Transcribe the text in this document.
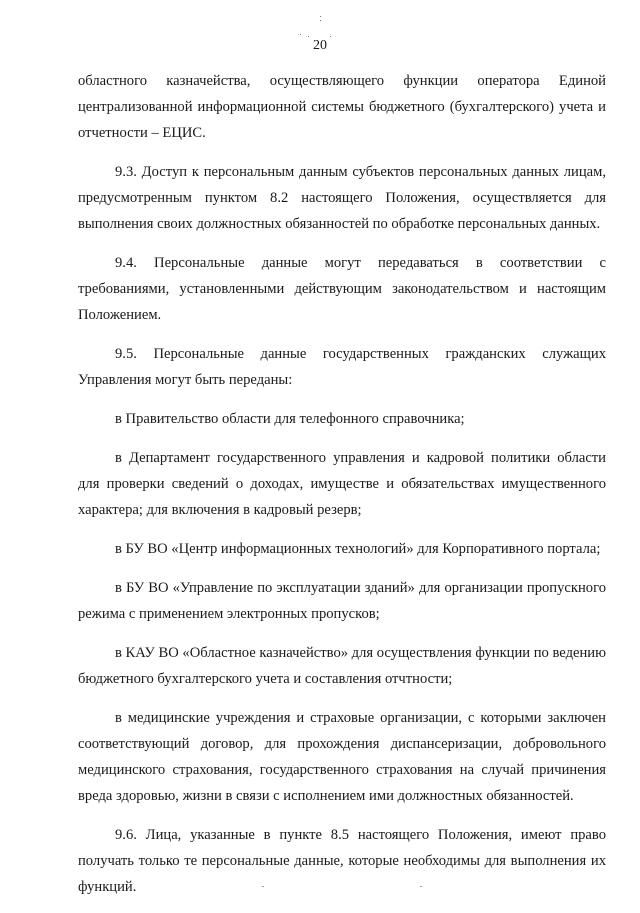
20

областного казначейства, осуществляющего функции оператора Единой централизованной информационной системы бюджетного (бухгалтерского) учета и отчетности – ЕЦИС.

9.3. Доступ к персональным данным субъектов персональных данных лицам, предусмотренным пунктом 8.2 настоящего Положения, осуществляется для выполнения своих должностных обязанностей по обработке персональных данных.

9.4. Персональные данные могут передаваться в соответствии с требованиями, установленными действующим законодательством и настоящим Положением.

9.5. Персональные данные государственных гражданских служащих Управления могут быть переданы:

в Правительство области для телефонного справочника;

в Департамент государственного управления и кадровой политики области для проверки сведений о доходах, имуществе и обязательствах имущественного характера; для включения в кадровый резерв;

в БУ ВО «Центр информационных технологий» для Корпоративного портала;

в БУ ВО «Управление по эксплуатации зданий» для организации пропускного режима с применением электронных пропусков;

в КАУ ВО «Областное казначейство» для осуществления функции по ведению бюджетного бухгалтерского учета и составления отчтности;

в медицинские учреждения и страховые организации, с которыми заключен соответствующий договор, для прохождения диспансеризации, добровольного медицинского страхования, государственного страхования на случай причинения вреда здоровью, жизни в связи с исполнением ими должностных обязанностей.

9.6. Лица, указанные в пункте 8.5 настоящего Положения, имеют право получать только те персональные данные, которые необходимы для выполнения их функций.
